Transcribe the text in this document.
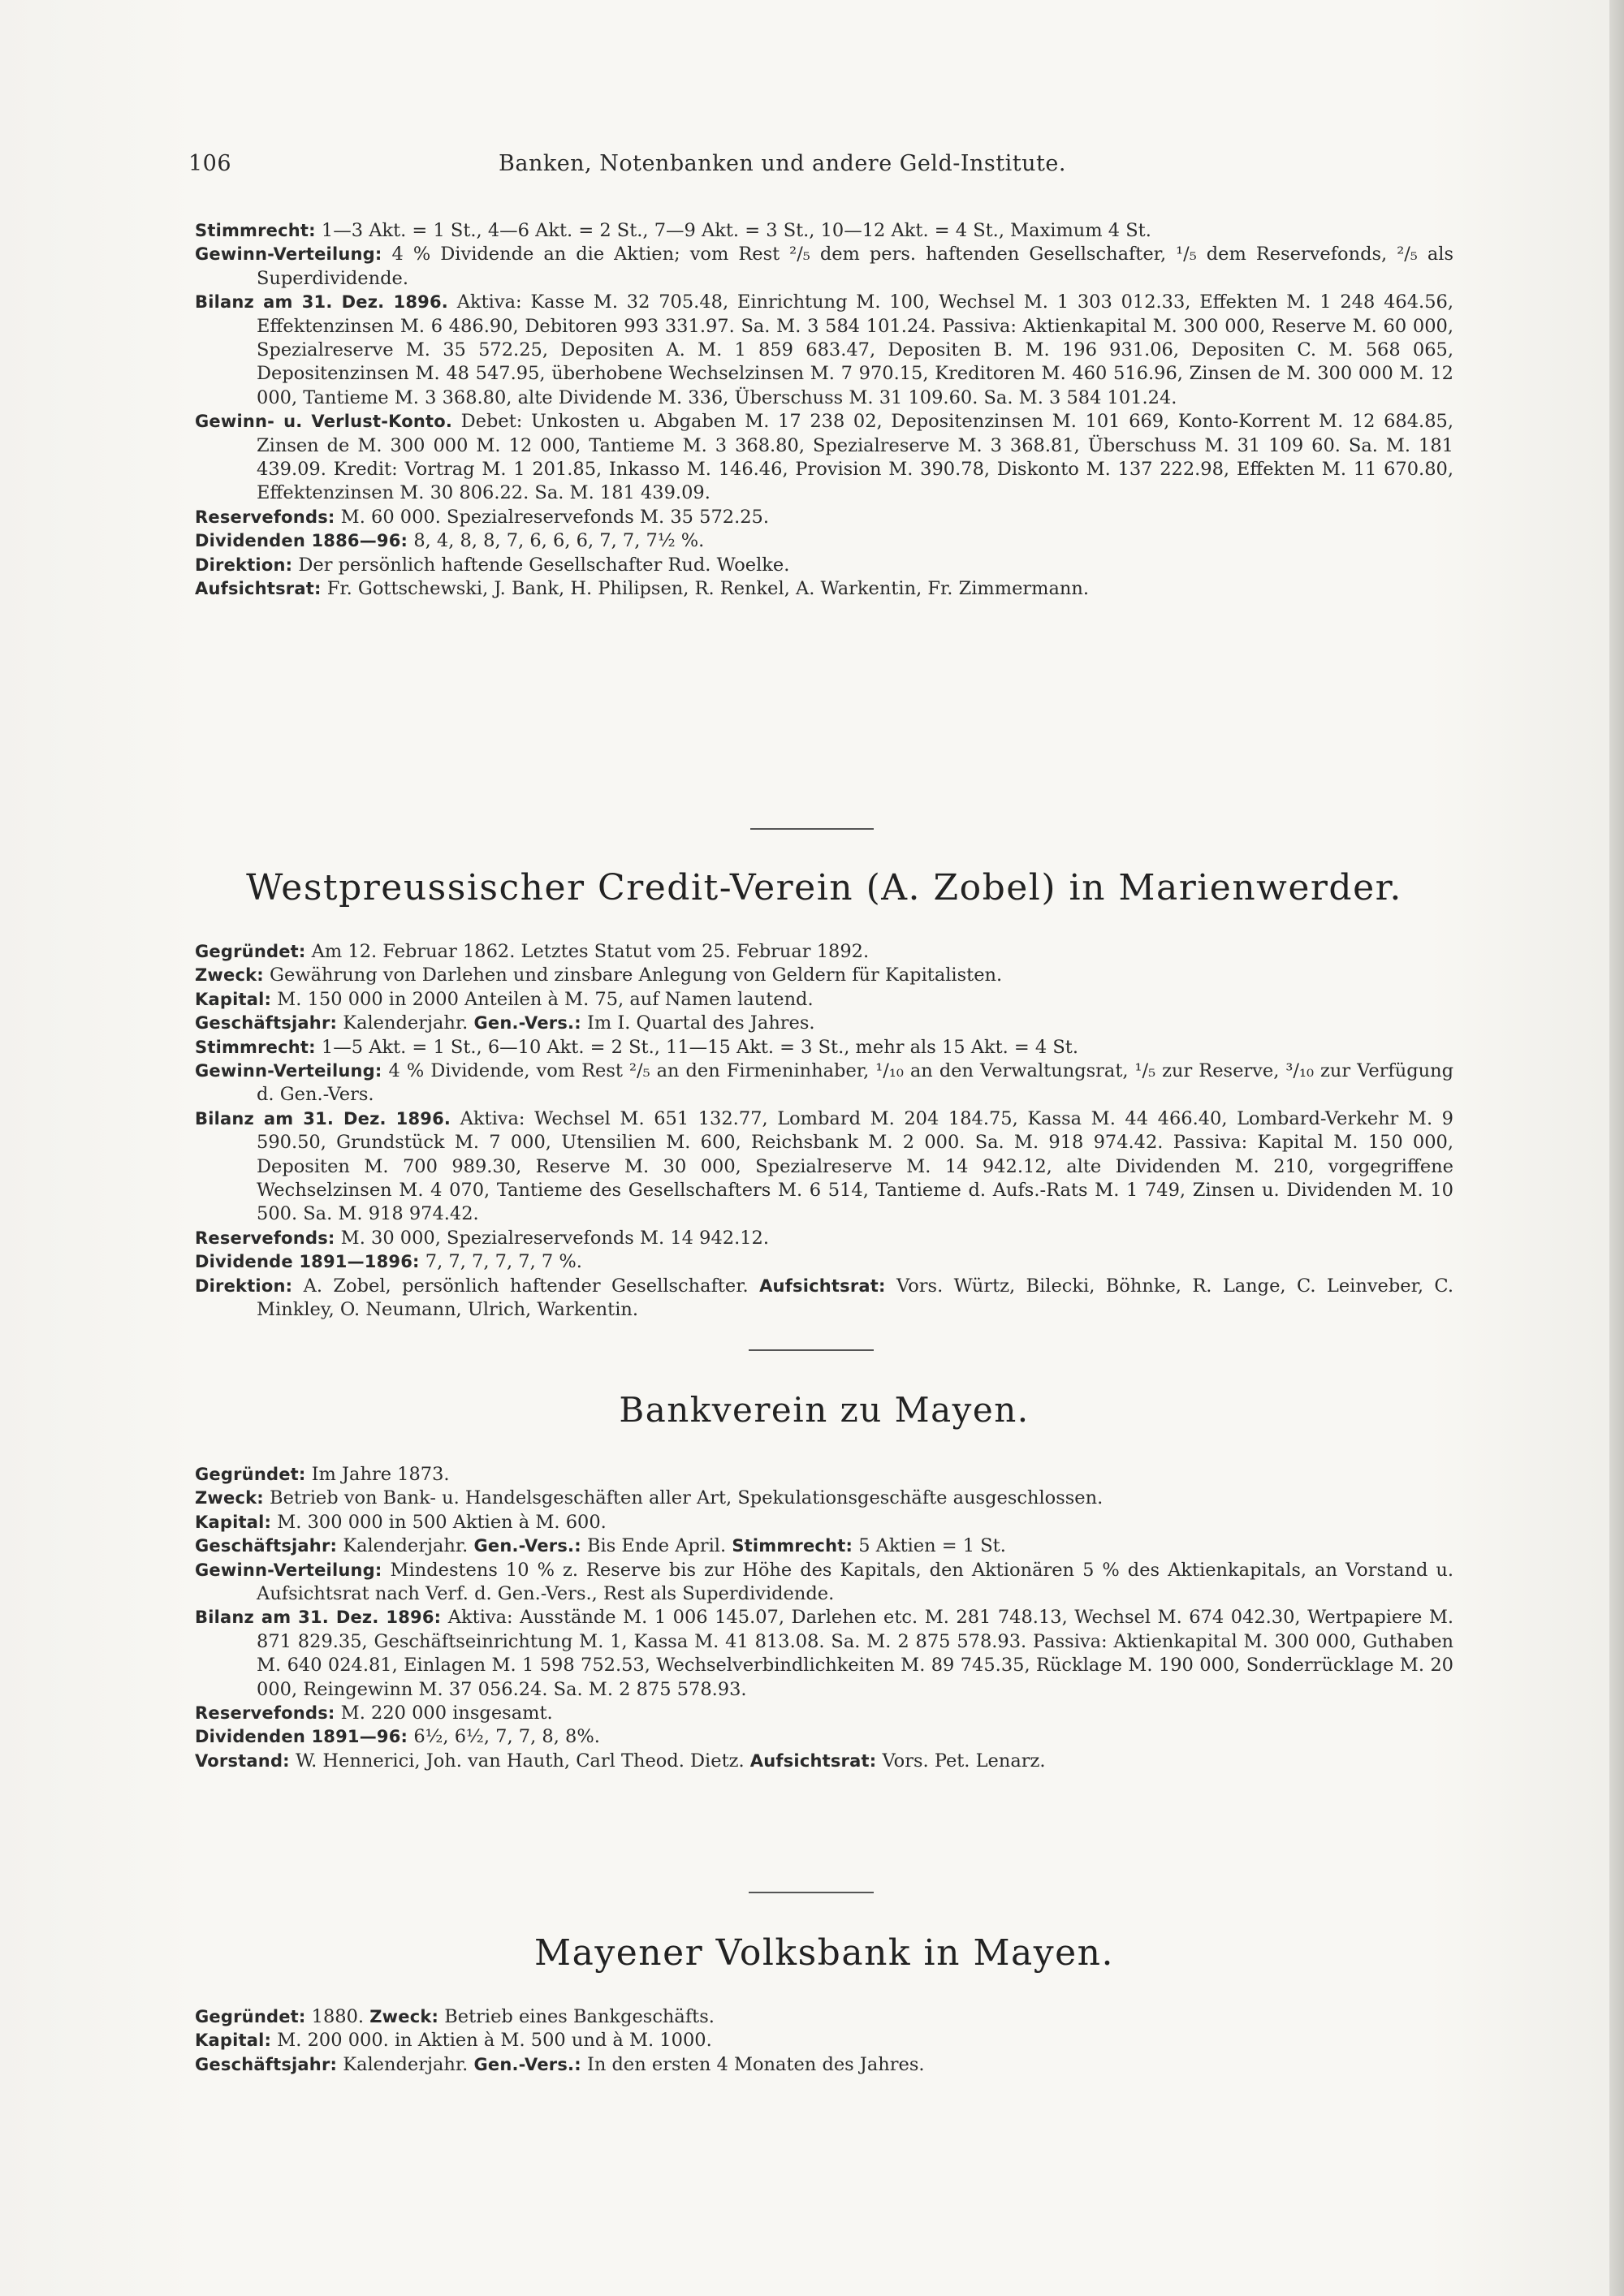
106	Banken, Notenbanken und andere Geld-Institute.

Stimmrecht: 1—3 Akt. = 1 St., 4—6 Akt. = 2 St., 7—9 Akt. = 3 St., 10—12 Akt. = 4 St., Maximum 4 St.

Gewinn-Verteilung: 4 % Dividende an die Aktien; vom Rest ²/₅ dem pers. haftenden Gesellschafter, ¹/₅ dem Reservefonds, ²/₅ als Superdividende.

Bilanz am 31. Dez. 1896. Aktiva: Kasse M. 32 705.48, Einrichtung M. 100, Wechsel M. 1 303 012.33, Effekten M. 1 248 464.56, Effektenzinsen M. 6 486.90, Debitoren 993 331.97. Sa. M. 3 584 101.24. Passiva: Aktienkapital M. 300 000, Reserve M. 60 000, Spezialreserve M. 35 572.25, Depositen A. M. 1 859 683.47, Depositen B. M. 196 931.06, Depositen C. M. 568 065, Depositenzinsen M. 48 547.95, überhobene Wechselzinsen M. 7 970.15, Kreditoren M. 460 516.96, Zinsen de M. 300 000 M. 12 000, Tantieme M. 3 368.80, alte Dividende M. 336, Überschuss M. 31 109.60. Sa. M. 3 584 101.24.

Gewinn- u. Verlust-Konto. Debet: Unkosten u. Abgaben M. 17 238 02, Depositenzinsen M. 101 669, Konto-Korrent M. 12 684.85, Zinsen de M. 300 000 M. 12 000, Tantieme M. 3 368.80, Spezialreserve M. 3 368.81, Überschuss M. 31 109 60. Sa. M. 181 439.09. Kredit: Vortrag M. 1 201.85, Inkasso M. 146.46, Provision M. 390.78, Diskonto M. 137 222.98, Effekten M. 11 670.80, Effektenzinsen M. 30 806.22. Sa. M. 181 439.09.

Reservefonds: M. 60 000. Spezialreservefonds M. 35 572.25.

Dividenden 1886—96: 8, 4, 8, 8, 7, 6, 6, 6, 7, 7, 7½ %.

Direktion: Der persönlich haftende Gesellschafter Rud. Woelke.

Aufsichtsrat: Fr. Gottschewski, J. Bank, H. Philipsen, R. Renkel, A. Warkentin, Fr. Zimmermann.

Westpreussischer Credit-Verein (A. Zobel) in Marienwerder.

Gegründet: Am 12. Februar 1862. Letztes Statut vom 25. Februar 1892.

Zweck: Gewährung von Darlehen und zinsbare Anlegung von Geldern für Kapitalisten.

Kapital: M. 150 000 in 2000 Anteilen à M. 75, auf Namen lautend.

Geschäftsjahr: Kalenderjahr. Gen.-Vers.: Im I. Quartal des Jahres.

Stimmrecht: 1—5 Akt. = 1 St., 6—10 Akt. = 2 St., 11—15 Akt. = 3 St., mehr als 15 Akt. = 4 St.

Gewinn-Verteilung: 4 % Dividende, vom Rest ²/₅ an den Firmeninhaber, ¹/₁₀ an den Verwaltungsrat, ¹/₅ zur Reserve, ³/₁₀ zur Verfügung d. Gen.-Vers.

Bilanz am 31. Dez. 1896. Aktiva: Wechsel M. 651 132.77, Lombard M. 204 184.75, Kassa M. 44 466.40, Lombard-Verkehr M. 9 590.50, Grundstück M. 7 000, Utensilien M. 600, Reichsbank M. 2 000. Sa. M. 918 974.42. Passiva: Kapital M. 150 000, Depositen M. 700 989.30, Reserve M. 30 000, Spezialreserve M. 14 942.12, alte Dividenden M. 210, vorgegriffene Wechselzinsen M. 4 070, Tantieme des Gesellschafters M. 6 514, Tantieme d. Aufs.-Rats M. 1 749, Zinsen u. Dividenden M. 10 500. Sa. M. 918 974.42.

Reservefonds: M. 30 000, Spezialreservefonds M. 14 942.12.

Dividende 1891—1896: 7, 7, 7, 7, 7, 7 %.

Direktion: A. Zobel, persönlich haftender Gesellschafter. Aufsichtsrat: Vors. Würtz, Bilecki, Böhnke, R. Lange, C. Leinveber, C. Minkley, O. Neumann, Ulrich, Warkentin.

Bankverein zu Mayen.

Gegründet: Im Jahre 1873.

Zweck: Betrieb von Bank- u. Handelsgeschäften aller Art, Spekulationsgeschäfte ausgeschlossen.

Kapital: M. 300 000 in 500 Aktien à M. 600.

Geschäftsjahr: Kalenderjahr. Gen.-Vers.: Bis Ende April. Stimmrecht: 5 Aktien = 1 St.

Gewinn-Verteilung: Mindestens 10 % z. Reserve bis zur Höhe des Kapitals, den Aktionären 5 % des Aktienkapitals, an Vorstand u. Aufsichtsrat nach Verf. d. Gen.-Vers., Rest als Superdividende.

Bilanz am 31. Dez. 1896: Aktiva: Ausstände M. 1 006 145.07, Darlehen etc. M. 281 748.13, Wechsel M. 674 042.30, Wertpapiere M. 871 829.35, Geschäftseinrichtung M. 1, Kassa M. 41 813.08. Sa. M. 2 875 578.93. Passiva: Aktienkapital M. 300 000, Guthaben M. 640 024.81, Einlagen M. 1 598 752.53, Wechselverbindlichkeiten M. 89 745.35, Rücklage M. 190 000, Sonderrücklage M. 20 000, Reingewinn M. 37 056.24. Sa. M. 2 875 578.93.

Reservefonds: M. 220 000 insgesamt.

Dividenden 1891—96: 6½, 6½, 7, 7, 8, 8%.

Vorstand: W. Hennerici, Joh. van Hauth, Carl Theod. Dietz. Aufsichtsrat: Vors. Pet. Lenarz.

Mayener Volksbank in Mayen.

Gegründet: 1880. Zweck: Betrieb eines Bankgeschäfts.

Kapital: M. 200 000. in Aktien à M. 500 und à M. 1000.

Geschäftsjahr: Kalenderjahr. Gen.-Vers.: In den ersten 4 Monaten des Jahres.
